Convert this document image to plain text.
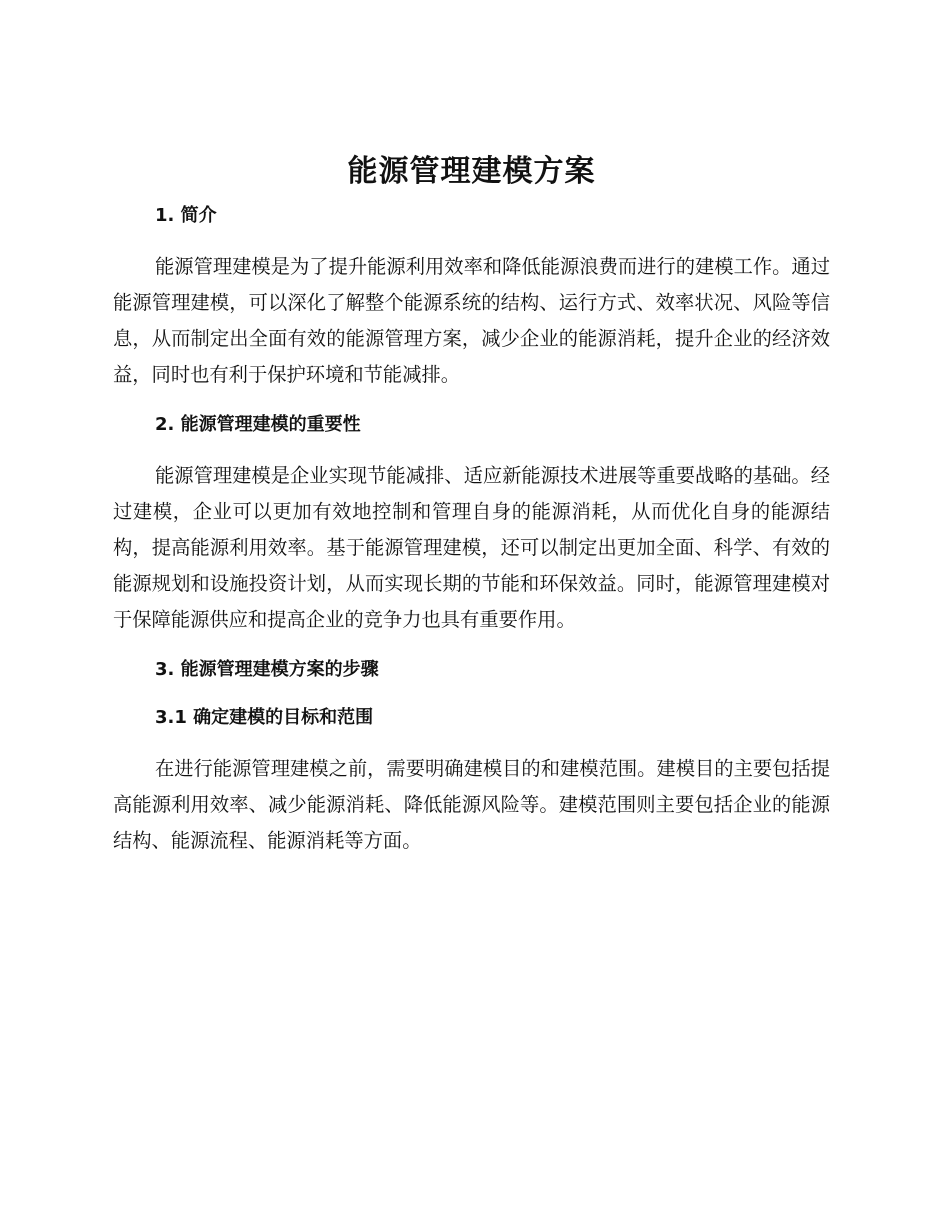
能源管理建模方案
1. 简介

能源管理建模是为了提升能源利用效率和降低能源浪费而进行的建模工作。通过能源管理建模，可以深化了解整个能源系统的结构、运行方式、效率状况、风险等信息，从而制定出全面有效的能源管理方案，减少企业的能源消耗，提升企业的经济效益，同时也有利于保护环境和节能减排。

2. 能源管理建模的重要性

能源管理建模是企业实现节能减排、适应新能源技术进展等重要战略的基础。经过建模，企业可以更加有效地控制和管理自身的能源消耗，从而优化自身的能源结构，提高能源利用效率。基于能源管理建模，还可以制定出更加全面、科学、有效的能源规划和设施投资计划，从而实现长期的节能和环保效益。同时，能源管理建模对于保障能源供应和提高企业的竞争力也具有重要作用。

3. 能源管理建模方案的步骤
3.1 确定建模的目标和范围

在进行能源管理建模之前，需要明确建模目的和建模范围。建模目的主要包括提高能源利用效率、减少能源消耗、降低能源风险等。建模范围则主要包括企业的能源结构、能源流程、能源消耗等方面。
